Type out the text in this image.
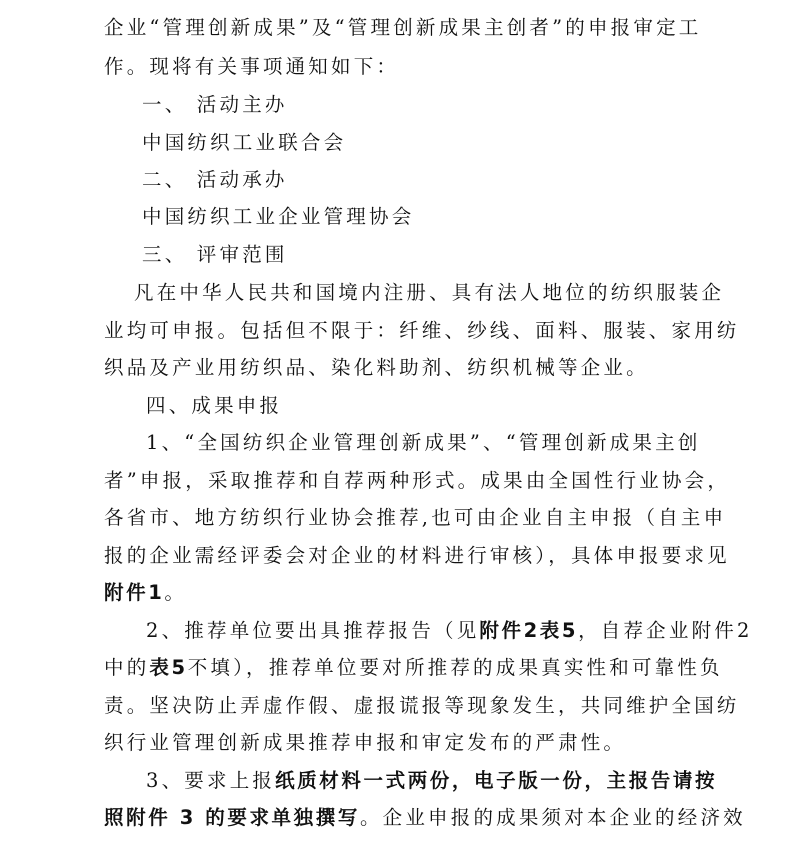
企业“管理创新成果”及“管理创新成果主创者”的申报审定工
作。现将有关事项通知如下：
一、 活动主办
中国纺织工业联合会
二、 活动承办
中国纺织工业企业管理协会
三、 评审范围
凡在中华人民共和国境内注册、具有法人地位的纺织服装企
业均可申报。包括但不限于：纤维、纱线、面料、服装、家用纺
织品及产业用纺织品、染化料助剂、纺织机械等企业。
四、成果申报
1、“全国纺织企业管理创新成果”、“管理创新成果主创
者”申报，采取推荐和自荐两种形式。成果由全国性行业协会，
各省市、地方纺织行业协会推荐,也可由企业自主申报（自主申
报的企业需经评委会对企业的材料进行审核），具体申报要求见
附件1。
2、推荐单位要出具推荐报告（见附件2表5，自荐企业附件2
中的表5不填），推荐单位要对所推荐的成果真实性和可靠性负
责。坚决防止弄虚作假、虚报谎报等现象发生，共同维护全国纺
织行业管理创新成果推荐申报和审定发布的严肃性。
3、要求上报纸质材料一式两份，电子版一份，主报告请按
照附件 3 的要求单独撰写。企业申报的成果须对本企业的经济效
